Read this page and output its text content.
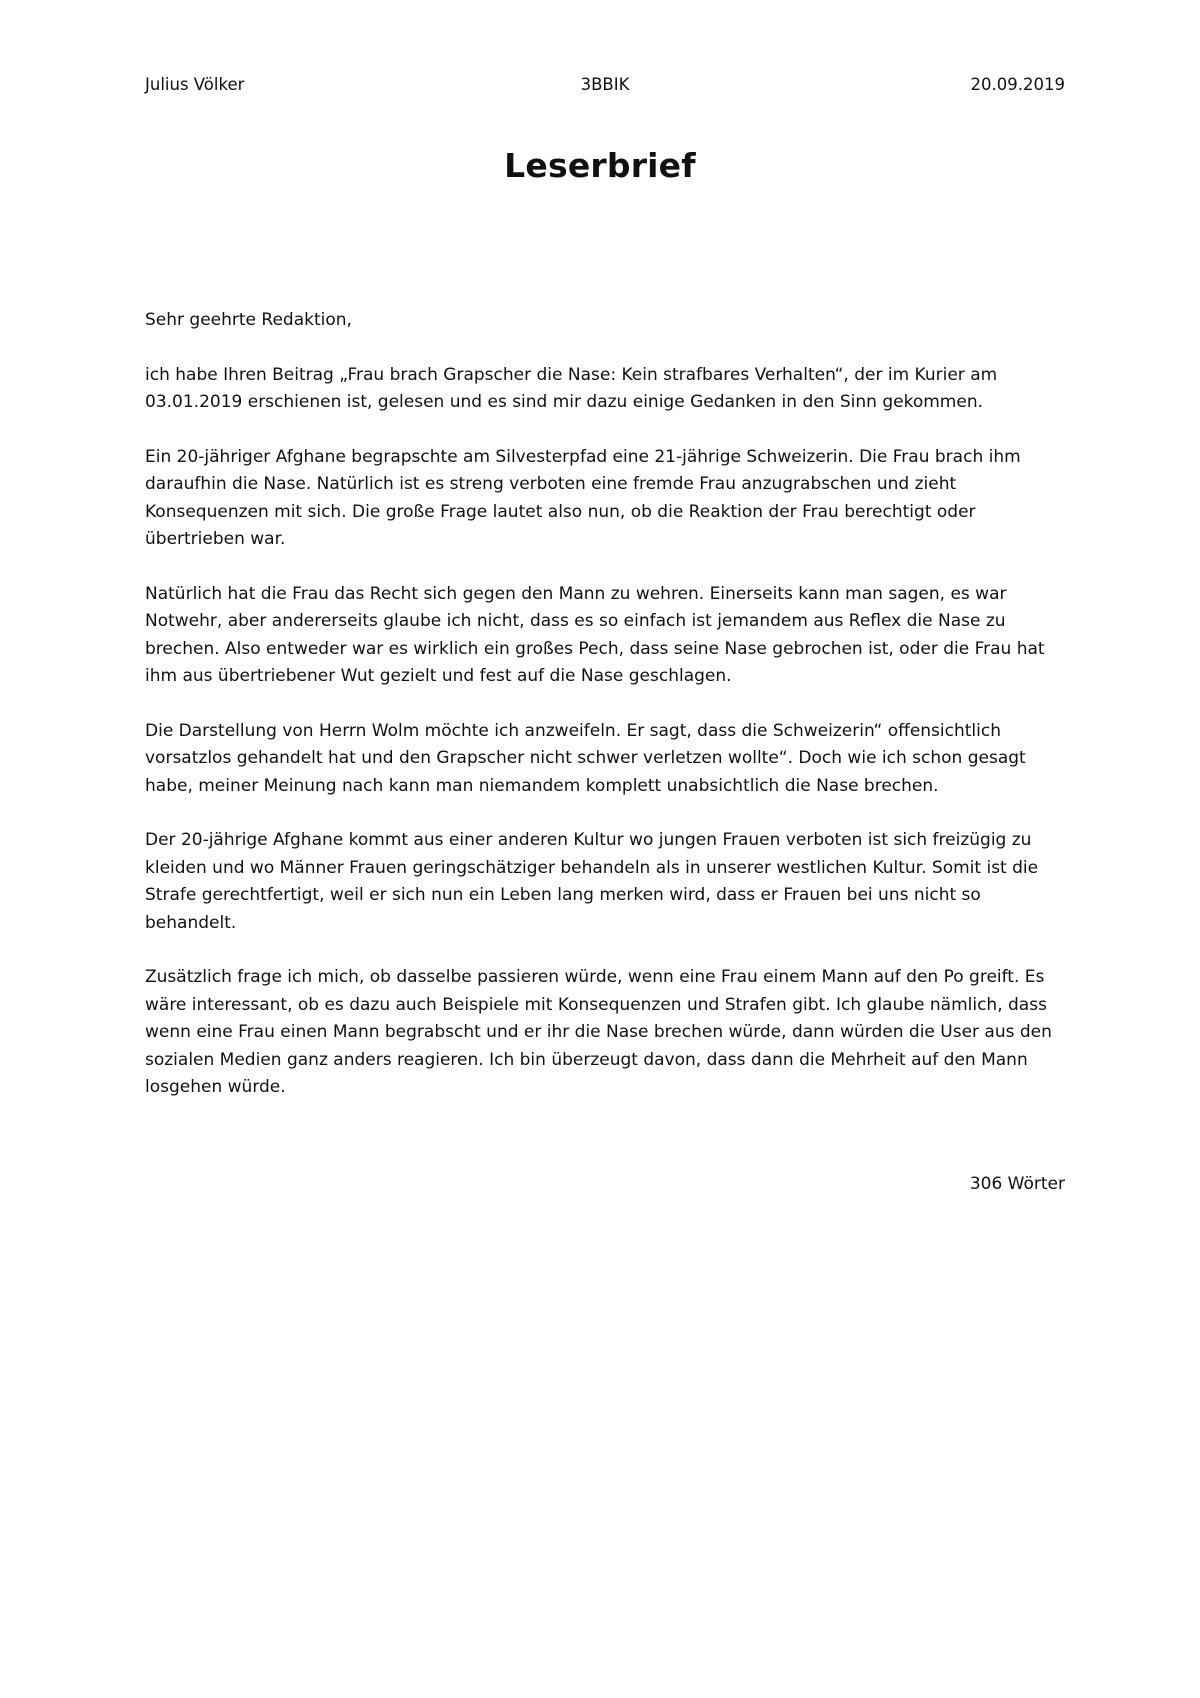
Julius Völker	3BBIK	20.09.2019
Leserbrief

Sehr geehrte Redaktion,

ich habe Ihren Beitrag „Frau brach Grapscher die Nase: Kein strafbares Verhalten“, der im Kurier am 03.01.2019 erschienen ist, gelesen und es sind mir dazu einige Gedanken in den Sinn gekommen.

Ein 20-jähriger Afghane begrapschte am Silvesterpfad eine 21-jährige Schweizerin. Die Frau brach ihm daraufhin die Nase. Natürlich ist es streng verboten eine fremde Frau anzugrabschen und zieht Konsequenzen mit sich. Die große Frage lautet also nun, ob die Reaktion der Frau berechtigt oder übertrieben war.

Natürlich hat die Frau das Recht sich gegen den Mann zu wehren. Einerseits kann man sagen, es war Notwehr, aber andererseits glaube ich nicht, dass es so einfach ist jemandem aus Reflex die Nase zu brechen. Also entweder war es wirklich ein großes Pech, dass seine Nase gebrochen ist, oder die Frau hat ihm aus übertriebener Wut gezielt und fest auf die Nase geschlagen.

Die Darstellung von Herrn Wolm möchte ich anzweifeln. Er sagt, dass die Schweizerin“ offensichtlich vorsatzlos gehandelt hat und den Grapscher nicht schwer verletzen wollte“. Doch wie ich schon gesagt habe, meiner Meinung nach kann man niemandem komplett unabsichtlich die Nase brechen.

Der 20-jährige Afghane kommt aus einer anderen Kultur wo jungen Frauen verboten ist sich freizügig zu kleiden und wo Männer Frauen geringschätziger behandeln als in unserer westlichen Kultur. Somit ist die Strafe gerechtfertigt, weil er sich nun ein Leben lang merken wird, dass er Frauen bei uns nicht so behandelt.

Zusätzlich frage ich mich, ob dasselbe passieren würde, wenn eine Frau einem Mann auf den Po greift. Es wäre interessant, ob es dazu auch Beispiele mit Konsequenzen und Strafen gibt. Ich glaube nämlich, dass wenn eine Frau einen Mann begrabscht und er ihr die Nase brechen würde, dann würden die User aus den sozialen Medien ganz anders reagieren. Ich bin überzeugt davon, dass dann die Mehrheit auf den Mann losgehen würde.

306 Wörter
